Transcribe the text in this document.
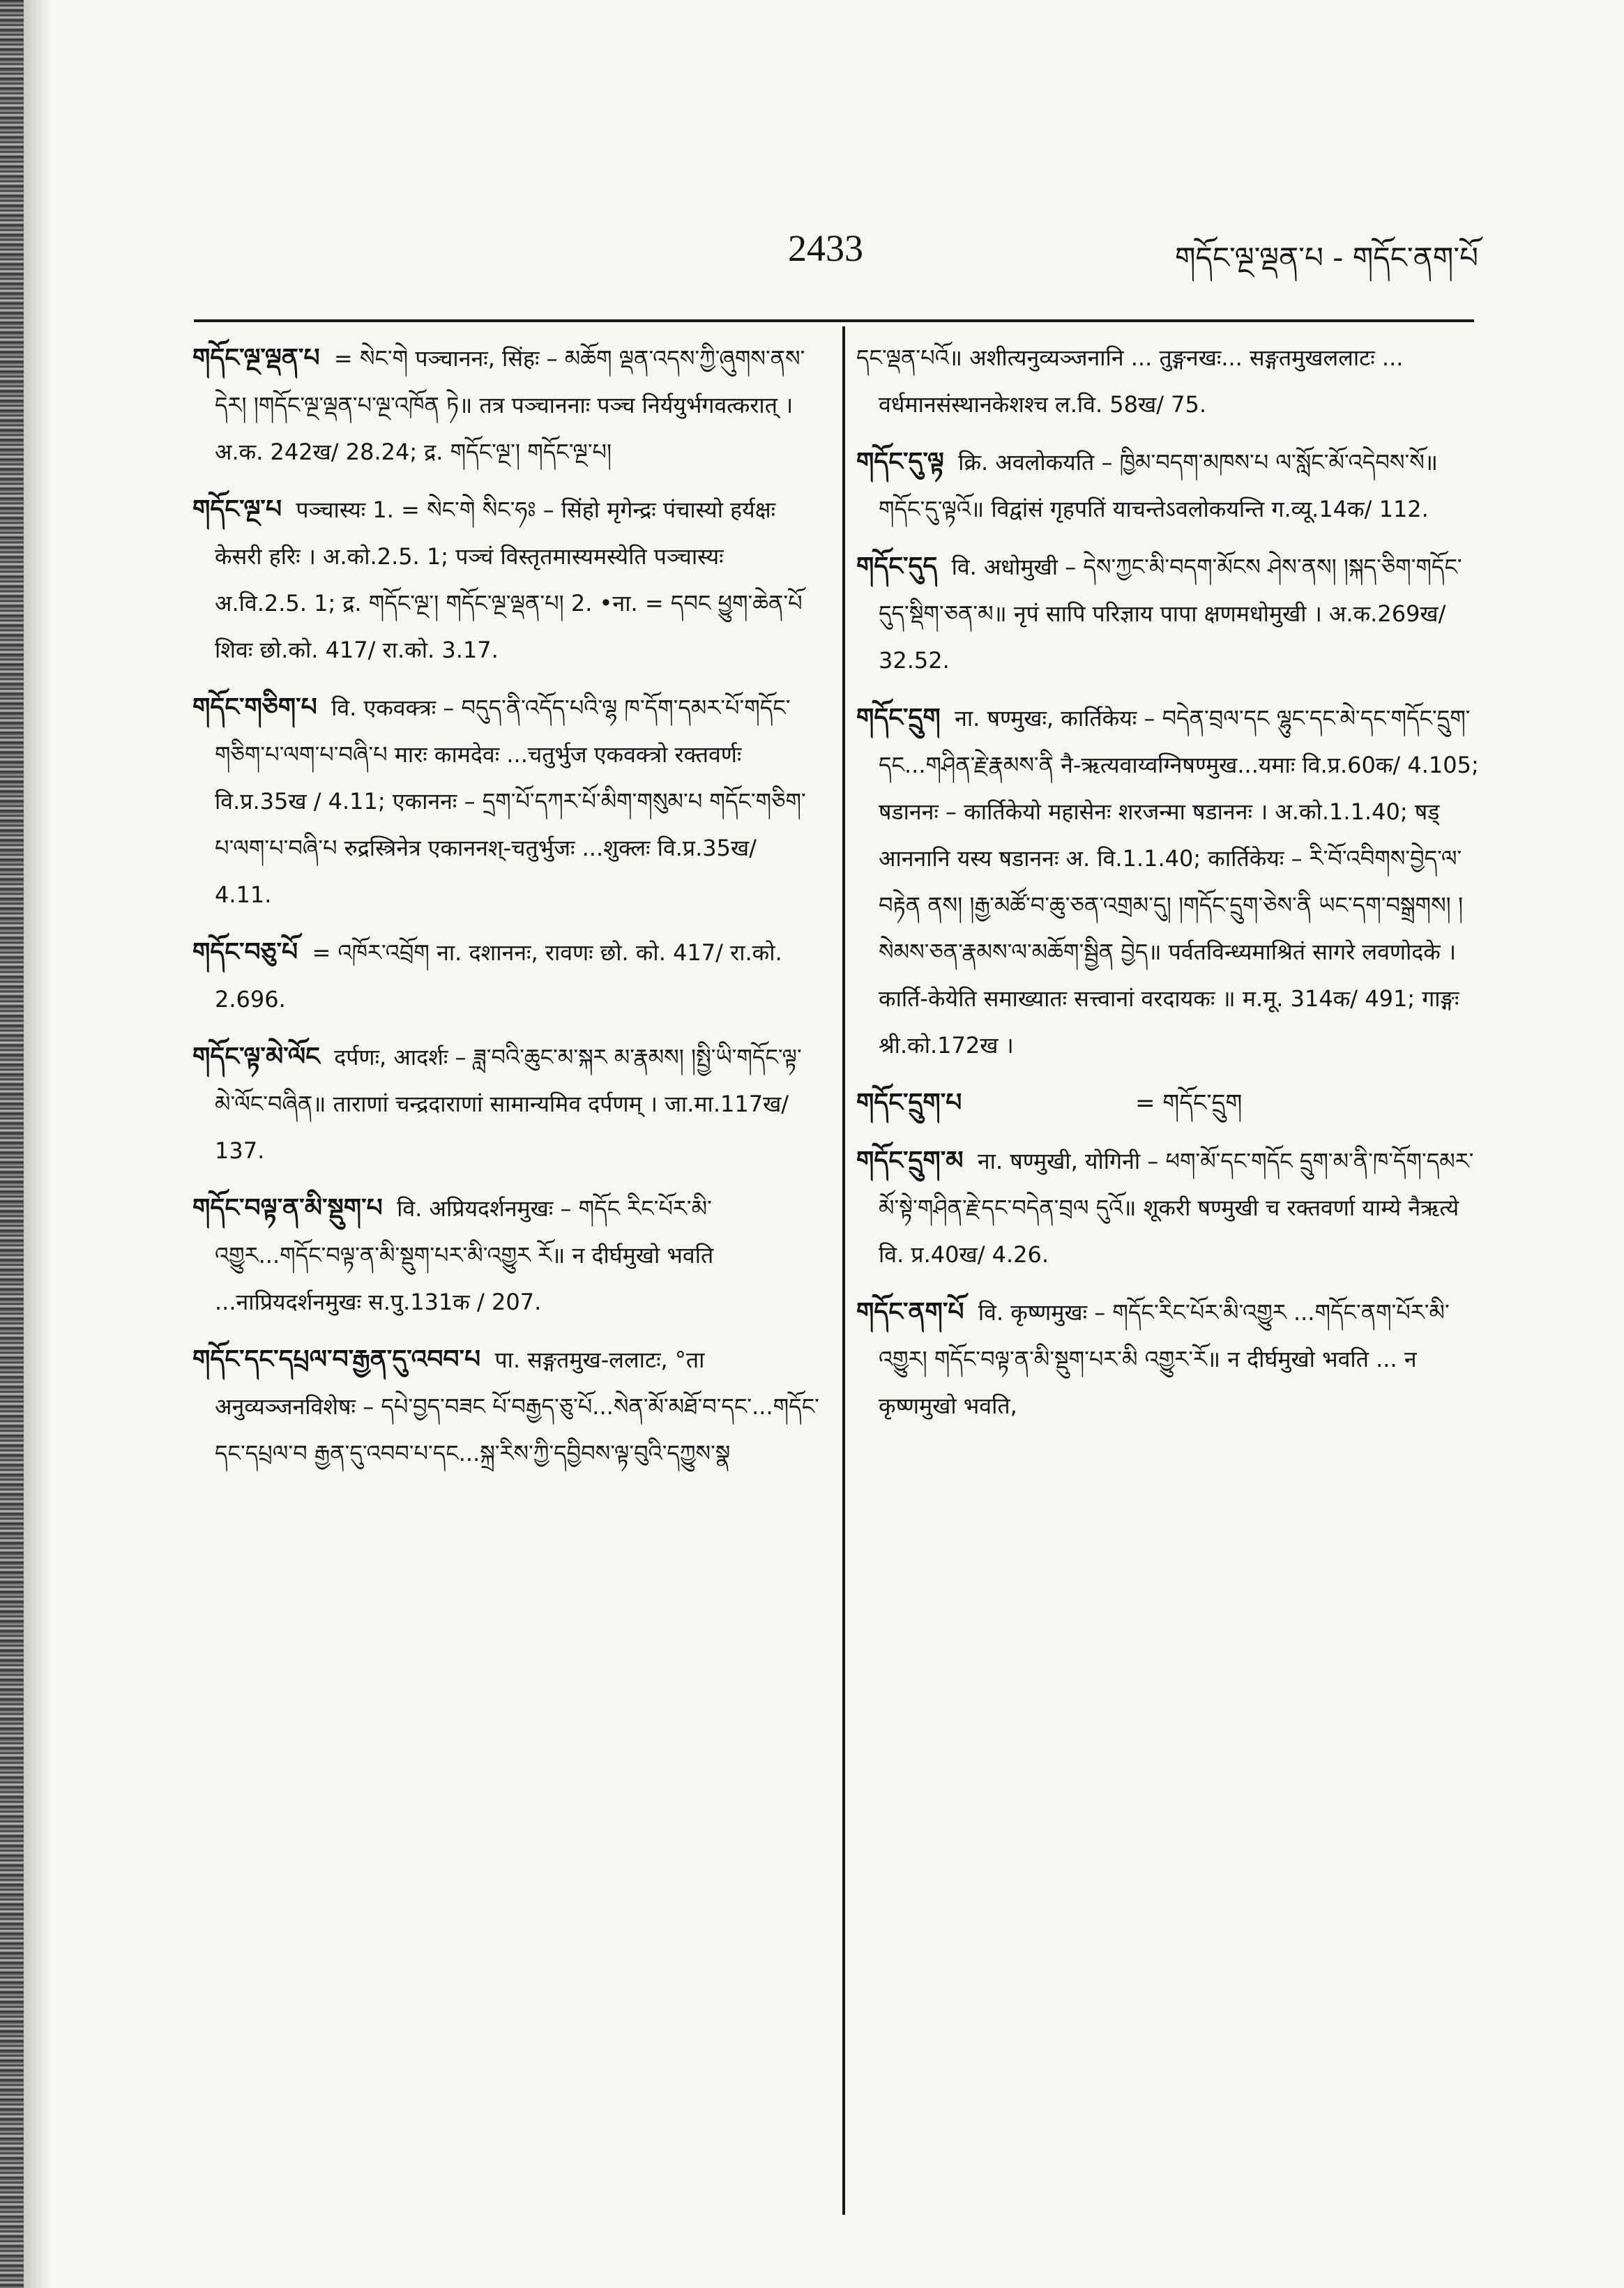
2433	གདོང་ལྔ་ལྡན་པ - གདོང་ནག་པོ

གདོང་ལྔ་ལྡན་པ = སེང་གེ पञ्चाननः, सिंहः – མཆོག ལྡན་འདས་ཀྱི་ཞུགས་ནས་དེར། །གདོང་ལྔ་ལྡན་པ་ལྔ་འཁོན ཏེ॥ तत्र पञ्चाननाः पञ्च निर्ययुर्भगवत्करात् । अ.क. 242ख/ 28.24; द्र. གདོང་ལྔ་། གདོང་ལྔ་པ།

གདོང་ལྔ་པ पञ्चास्यः 1. = སེང་གེ སིང་ཧཿ – सिंहो मृगेन्द्रः पंचास्यो हर्यक्षः केसरी हरिः । अ.को.2.5. 1; पञ्चं विस्तृतमास्यमस्येति पञ्चास्यः अ.वि.2.5. 1; द्र. གདོང་ལྔ་། གདོང་ལྔ་ལྡན་པ། 2. •ना. = དབང ཕྱུག་ཆེན་པོ शिवः छो.को. 417/ रा.को. 3.17.

གདོང་གཅིག་པ वि. एकवक्त्रः – བདུད་ནི་འདོད་པའི་ལྷ ཁ་དོག་དམར་པོ་གདོང་གཅིག་པ་ལག་པ་བཞི་པ मारः कामदेवः ...चतुर्भुज एकवक्त्रो रक्तवर्णः वि.प्र.35ख / 4.11; एकाननः – དྲག་པོ་དཀར་པོ་མིག་གསུམ་པ གདོང་གཅིག་པ་ལག་པ་བཞི་པ रुद्रस्त्रिनेत्र एकाननश्-चतुर्भुजः ...शुक्लः वि.प्र.35ख/ 4.11.

གདོང་བཅུ་པོ = འཁོར་འབྲོག ना. दशाननः, रावणः छो. को. 417/ रा.को. 2.696.

གདོང་ལྟ་མེ་ལོང दर्पणः, आदर्शः – ཟླ་བའི་ཆུང་མ་སྐར མ་རྣམས། །སྤྱི་ཡི་གདོང་ལྟ་མེ་ལོང་བཞིན॥ ताराणां चन्द्रदाराणां सामान्यमिव दर्पणम् । जा.मा.117ख/ 137.

གདོང་བལྟ་ན་མི་སྡུག་པ वि. अप्रियदर्शनमुखः – གདོང རིང་པོར་མི་འགྱུར...གདོང་བལྟ་ན་མི་སྡུག་པར་མི་འགྱུར རོ॥ न दीर्घमुखो भवति ...नाप्रियदर्शनमुखः स.पु.131क / 207.

གདོང་དང་དཔྲལ་བ་རྒྱན་དུ་འབབ་པ पा. सङ्गतमुख-ललाटः, °ता अनुव्यञ्जनविशेषः – དཔེ་བྱད་བཟང པོ་བརྒྱད་ཅུ་པོ...སེན་མོ་མཐོ་བ་དང་...གདོང་དང་དཔྲལ་བ རྒྱན་དུ་འབབ་པ་དང...སྐྲ་རིས་ཀྱི་དབྱིབས་ལྟ་བུའི་དཀྱུས་སྣ

དང་ལྡན་པའོ॥ अशीत्यनुव्यञ्जनानि ... तुङ्गनखः... सङ्गतमुखललाटः ... वर्धमानसंस्थानकेशश्च ल.वि. 58ख/ 75.

གདོང་དུ་ལྟ क्रि. अवलोकयति – ཁྱིམ་བདག་མཁས་པ ལ་སློང་མོ་འདེབས་སོ॥ གདོང་དུ་ལྟའོ॥ विद्वांसं गृहपतिं याचन्तेऽवलोकयन्ति ग.व्यू.14क/ 112.

གདོང་དུད वि. अधोमुखी – དེས་ཀྱང་མི་བདག་མོངས ཤེས་ནས། །སྐད་ཅིག་གདོང་དུད་སྡིག་ཅན་མ॥ नृपं सापि परिज्ञाय पापा क्षणमधोमुखी । अ.क.269ख/ 32.52.

གདོང་དྲུག ना. षण्मुखः, कार्तिकेयः – བདེན་བྲལ་དང ལྷུང་དང་མེ་དང་གདོང་དྲུག་དང...གཤིན་རྗེ་རྣམས་ནི नै-ऋत्यवाय्वग्निषण्मुख...यमाः वि.प्र.60क/ 4.105; षडाननः – कार्तिकेयो महासेनः शरजन्मा षडाननः । अ.को.1.1.40; षड् आननानि यस्य षडाननः अ. वि.1.1.40; कार्तिकेयः – རི་བོ་འབིགས་བྱེད་ལ་བརྟེན ནས། །རྒྱ་མཚོ་བ་ཆུ་ཅན་འགྲམ་དུ། །གདོང་དྲུག་ཅེས་ནི ཡང་དག་བསྒྲགས། །སེམས་ཅན་རྣམས་ལ་མཆོག་སྦྱིན བྱེད॥ पर्वतविन्ध्यमाश्रितं सागरे लवणोदके । कार्ति-केयेति समाख्यातः सत्त्वानां वरदायकः ॥ म.मू. 314क/ 491; गाङ्गः श्री.को.172ख ।

གདོང་དྲུག་པ	= གདོང་དྲུག

གདོང་དྲུག་མ ना. षण्मुखी, योगिनी – ཕག་མོ་དང་གདོང དྲུག་མ་ནི་ཁ་དོག་དམར་མོ་སྟེ་གཤིན་རྗེ་དང་བདེན་བྲལ དུའོ॥ शूकरी षण्मुखी च रक्तवर्णा याम्ये नैऋत्ये वि. प्र.40ख/ 4.26.

གདོང་ནག་པོ वि. कृष्णमुखः – གདོང་རིང་པོར་མི་འགྱུར ...གདོང་ནག་པོར་མི་འགྱུར། གདོང་བལྟ་ན་མི་སྡུག་པར་མི འགྱུར་རོ॥ न दीर्घमुखो भवति ... न कृष्णमुखो भवति,
